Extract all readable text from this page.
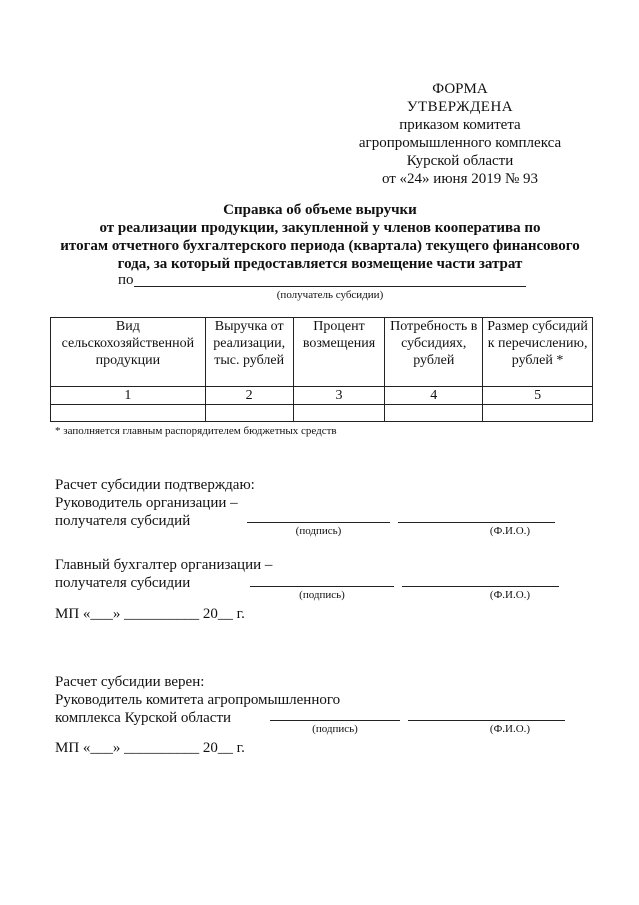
ФОРМА
УТВЕРЖДЕНА
приказом комитета
агропромышленного комплекса
Курской области
от «24» июня 2019 № 93
Справка об объеме выручки
от реализации продукции, закупленной у членов кооператива по
итогам отчетного бухгалтерского периода (квартала) текущего финансового
года, за который предоставляется возмещение части затрат
по
(получатель субсидии)
Вид сельскохозяйственной продукции	Выручка от реализации, тыс. рублей	Процент возмещения	Потребность в субсидиях, рублей	Размер субсидий к перечислению, рублей *
1	2	3	4	5

* заполняется главным распорядителем бюджетных средств
Расчет субсидии подтверждаю:
Руководитель организации –
получателя субсидий
(подпись)	(Ф.И.О.)
Главный бухгалтер организации –
получателя субсидии
(подпись)	(Ф.И.О.)
МП «___» __________ 20__ г.
Расчет субсидии верен:
Руководитель комитета агропромышленного
комплекса Курской области
(подпись)	(Ф.И.О.)
МП «___» __________ 20__ г.
